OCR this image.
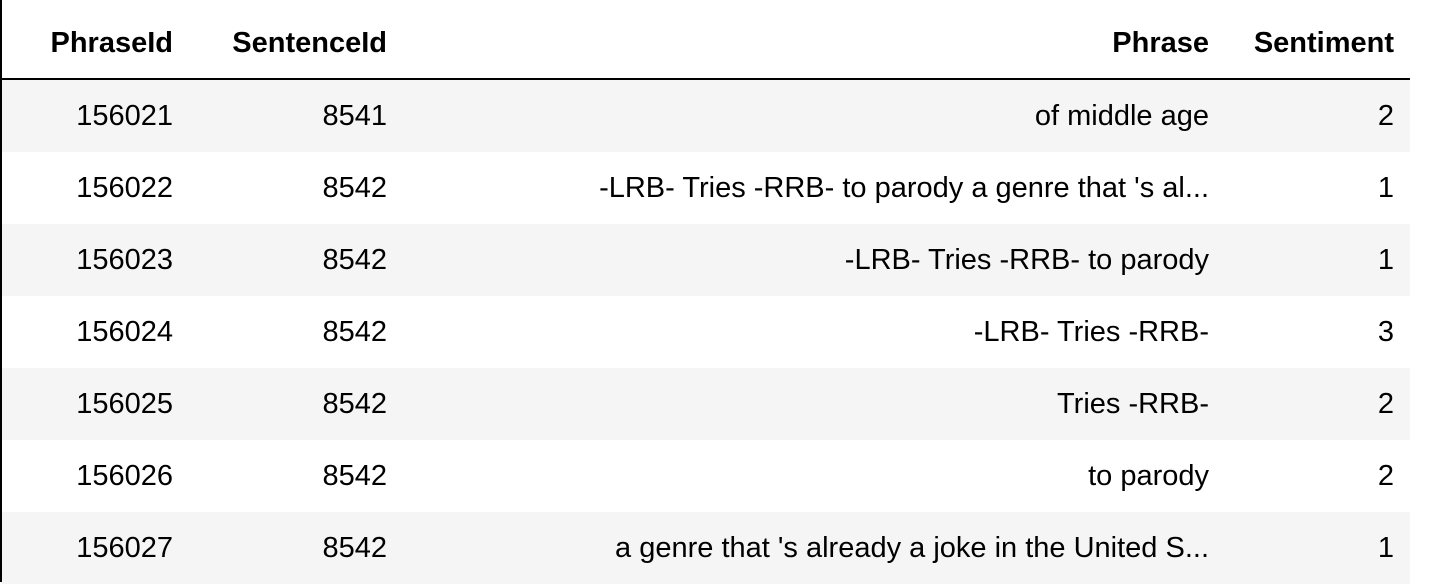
PhraseId	SentenceId	Phrase	Sentiment
156021	8541	of middle age	2
156022	8542	-LRB- Tries -RRB- to parody a genre that 's al...	1
156023	8542	-LRB- Tries -RRB- to parody	1
156024	8542	-LRB- Tries -RRB-	3
156025	8542	Tries -RRB-	2
156026	8542	to parody	2
156027	8542	a genre that 's already a joke in the United S...	1
